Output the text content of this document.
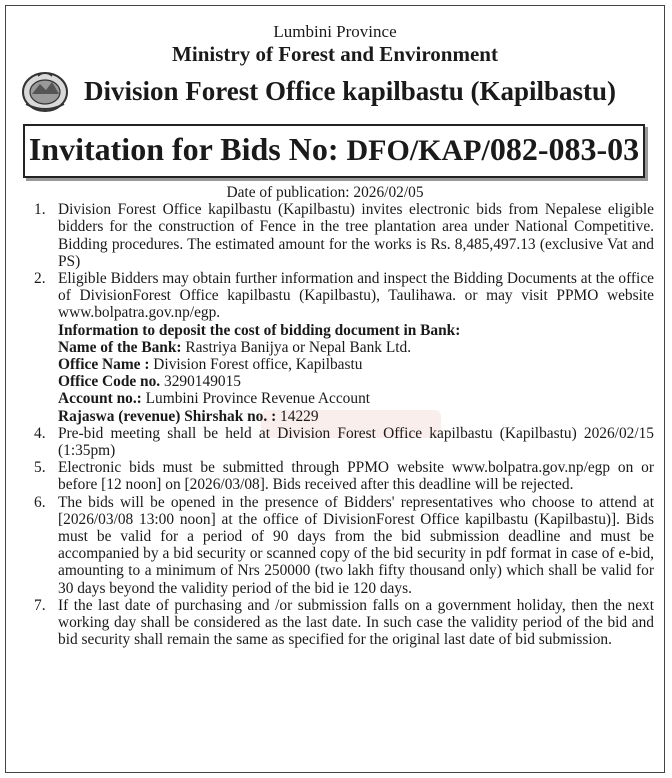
Lumbini Province
Ministry of Forest and Environment
Division Forest Office kapilbastu (Kapilbastu)
Invitation for Bids No: DFO/KAP/082-083-03
Date of publication: 2026/02/05
1. Division Forest Office kapilbastu (Kapilbastu) invites electronic bids from Nepalese eligible bidders for the construction of Fence in the tree plantation area under National Competitive. Bidding procedures. The estimated amount for the works is Rs. 8,485,497.13 (exclusive Vat and PS)
2. Eligible Bidders may obtain further information and inspect the Bidding Documents at the office of DivisionForest Office kapilbastu (Kapilbastu), Taulihawa. or may visit PPMO website www.bolpatra.gov.np/egp.
Information to deposit the cost of bidding document in Bank:
Name of the Bank: Rastriya Banijya or Nepal Bank Ltd.
Office Name : Division Forest office, Kapilbastu
Office Code no. 3290149015
Account no.: Lumbini Province Revenue Account
Rajaswa (revenue) Shirshak no. : 14229
4. Pre-bid meeting shall be held at Division Forest Office kapilbastu (Kapilbastu) 2026/02/15 (1:35pm)
5. Electronic bids must be submitted through PPMO website www.bolpatra.gov.np/egp on or before [12 noon] on [2026/03/08]. Bids received after this deadline will be rejected.
6. The bids will be opened in the presence of Bidders' representatives who choose to attend at [2026/03/08 13:00 noon] at the office of DivisionForest Office kapilbastu (Kapilbastu)]. Bids must be valid for a period of 90 days from the bid submission deadline and must be accompanied by a bid security or scanned copy of the bid security in pdf format in case of e-bid, amounting to a minimum of Nrs 250000 (two lakh fifty thousand only) which shall be valid for 30 days beyond the validity period of the bid ie 120 days.
7. If the last date of purchasing and /or submission falls on a government holiday, then the next working day shall be considered as the last date. In such case the validity period of the bid and bid security shall remain the same as specified for the original last date of bid submission.
